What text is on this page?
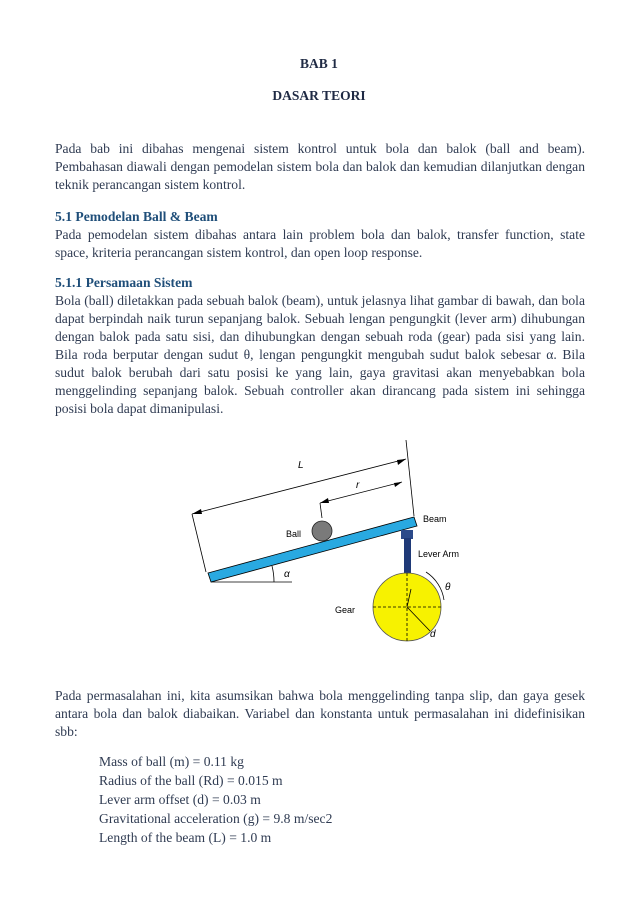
BAB 1
DASAR TEORI

Pada bab ini dibahas mengenai sistem kontrol untuk bola dan balok (ball and beam). Pembahasan diawali dengan pemodelan sistem bola dan balok dan kemudian dilanjutkan dengan teknik perancangan sistem kontrol.

5.1 Pemodelan Ball & Beam

Pada pemodelan sistem dibahas antara lain problem bola dan balok, transfer function, state space, kriteria perancangan sistem kontrol, dan open loop response.

5.1.1 Persamaan Sistem

Bola (ball) diletakkan pada sebuah balok (beam), untuk jelasnya lihat gambar di bawah, dan bola dapat berpindah naik turun sepanjang balok. Sebuah lengan pengungkit (lever arm) dihubungan dengan balok pada satu sisi, dan dihubungkan dengan sebuah roda (gear) pada sisi yang lain. Bila roda berputar dengan sudut θ, lengan pengungkit mengubah sudut balok sebesar α. Bila sudut balok berubah dari satu posisi ke yang lain, gaya gravitasi akan menyebabkan bola menggelinding sepanjang balok. Sebuah controller akan dirancang pada sistem ini sehingga posisi bola dapat dimanipulasi.

L
r
Ball
Beam
α
Lever Arm
θ
d
Gear

Pada permasalahan ini, kita asumsikan bahwa bola menggelinding tanpa slip, dan gaya gesek antara bola dan balok diabaikan. Variabel dan konstanta untuk permasalahan ini didefinisikan sbb:

Mass of ball (m) = 0.11 kg
Radius of the ball (Rd) = 0.015 m
Lever arm offset (d) = 0.03 m
Gravitational acceleration (g) = 9.8 m/sec2
Length of the beam (L) = 1.0 m
